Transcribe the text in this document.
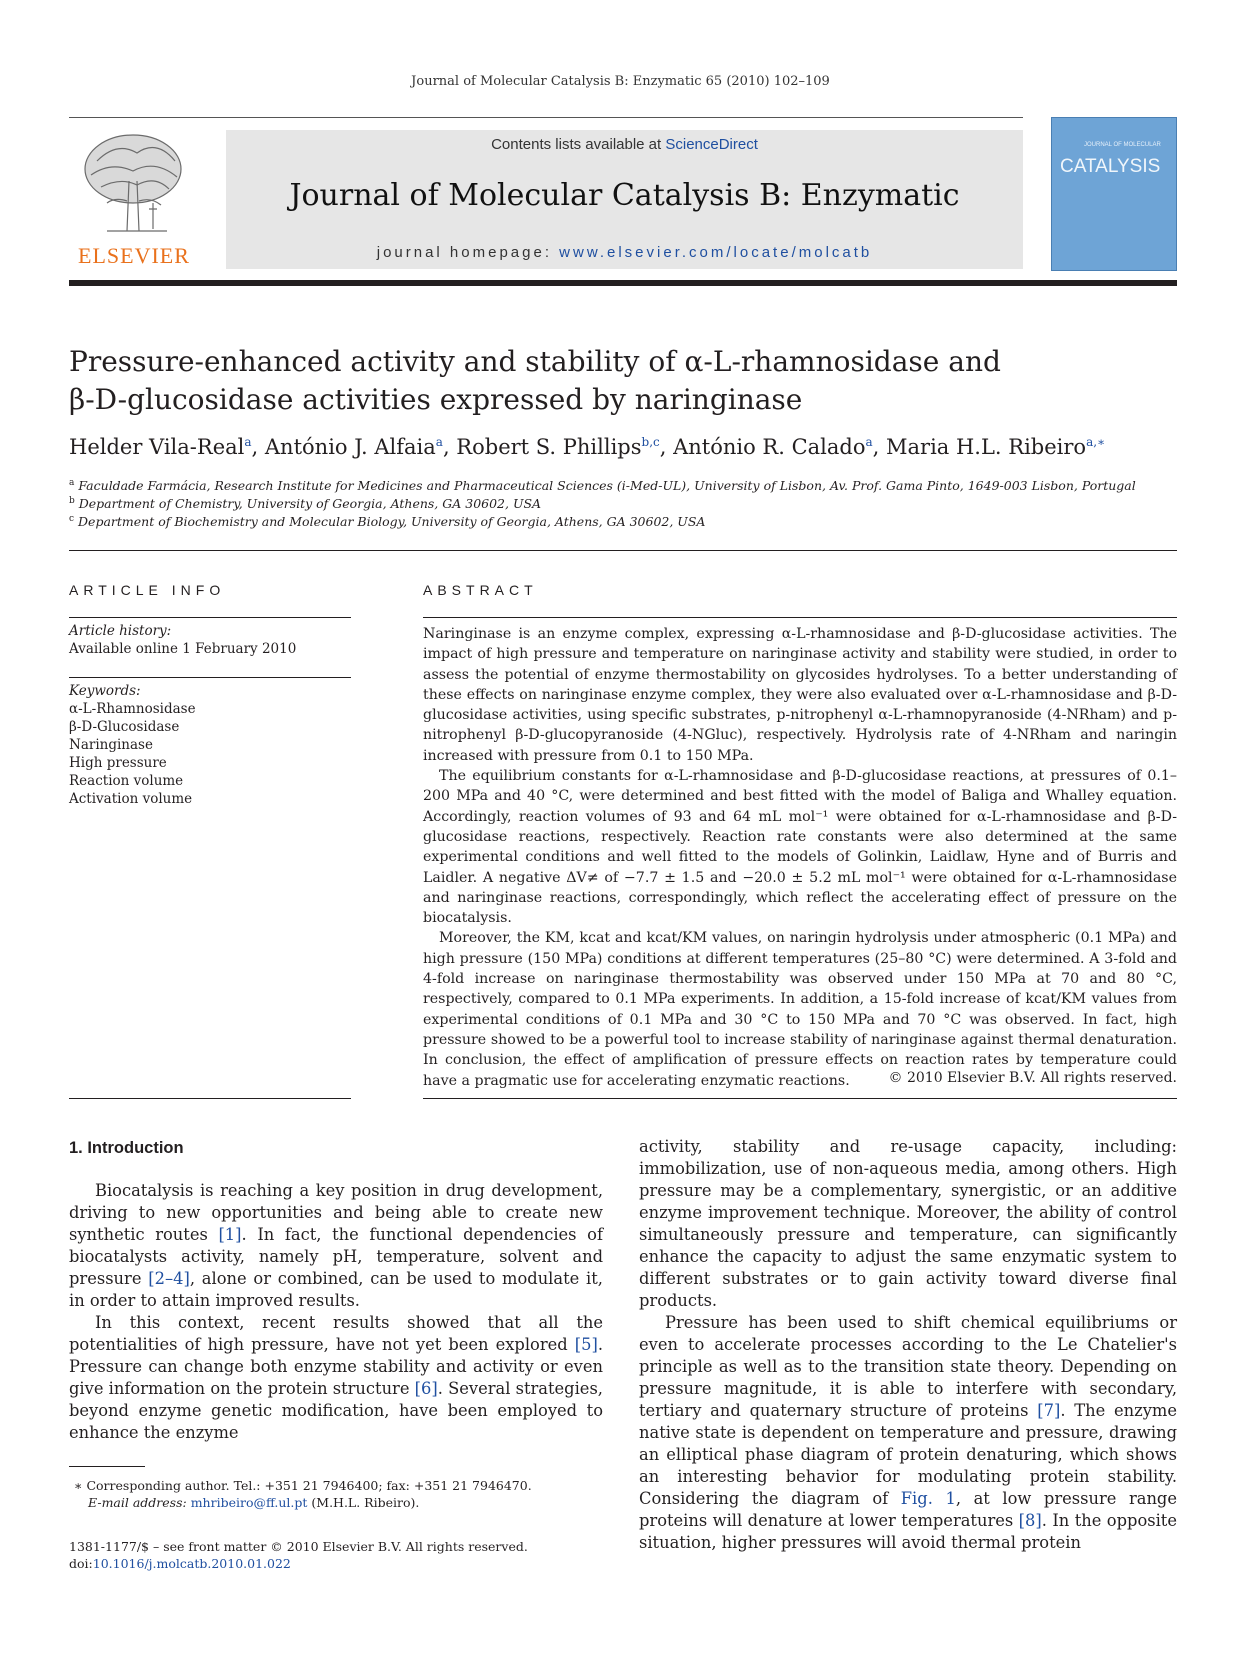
Journal of Molecular Catalysis B: Enzymatic 65 (2010) 102–109
ELSEVIER
Contents lists available at ScienceDirect
Journal of Molecular Catalysis B: Enzymatic
journal homepage: www.elsevier.com/locate/molcatb
JOURNAL OF MOLECULAR
CATALYSIS
Pressure-enhanced activity and stability of α-L-rhamnosidase and
β-D-glucosidase activities expressed by naringinase
Helder Vila-Real$^a$, António J. Alfaia$^a$, Robert S. Phillips$^{b,c}$, António R. Calado$^a$, Maria H.L. Ribeiro$^{a,∗}$
$^a$ Faculdade Farmácia, Research Institute for Medicines and Pharmaceutical Sciences (i-Med-UL), University of Lisbon, Av. Prof. Gama Pinto, 1649-003 Lisbon, Portugal
$^b$ Department of Chemistry, University of Georgia, Athens, GA 30602, USA
$^c$ Department of Biochemistry and Molecular Biology, University of Georgia, Athens, GA 30602, USA
ARTICLE INFO
Article history:
Available online 1 February 2010
Keywords:
α-L-Rhamnosidase
β-D-Glucosidase
Naringinase
High pressure
Reaction volume
Activation volume
ABSTRACT

Naringinase is an enzyme complex, expressing α-L-rhamnosidase and β-D-glucosidase activities. The impact of high pressure and temperature on naringinase activity and stability were studied, in order to assess the potential of enzyme thermostability on glycosides hydrolyses. To a better understanding of these effects on naringinase enzyme complex, they were also evaluated over α-L-rhamnosidase and β-D-glucosidase activities, using specific substrates, p-nitrophenyl α-L-rhamnopyranoside (4-NRham) and p-nitrophenyl β-D-glucopyranoside (4-NGluc), respectively. Hydrolysis rate of 4-NRham and naringin increased with pressure from 0.1 to 150 MPa.

The equilibrium constants for α-L-rhamnosidase and β-D-glucosidase reactions, at pressures of 0.1–200 MPa and 40 °C, were determined and best fitted with the model of Baliga and Whalley equation. Accordingly, reaction volumes of 93 and 64 mL mol⁻¹ were obtained for α-L-rhamnosidase and β-D-glucosidase reactions, respectively. Reaction rate constants were also determined at the same experimental conditions and well fitted to the models of Golinkin, Laidlaw, Hyne and of Burris and Laidler. A negative ΔV≠ of −7.7 ± 1.5 and −20.0 ± 5.2 mL mol⁻¹ were obtained for α-L-rhamnosidase and naringinase reactions, correspondingly, which reflect the accelerating effect of pressure on the biocatalysis.

Moreover, the KM, kcat and kcat/KM values, on naringin hydrolysis under atmospheric (0.1 MPa) and high pressure (150 MPa) conditions at different temperatures (25–80 °C) were determined. A 3-fold and 4-fold increase on naringinase thermostability was observed under 150 MPa at 70 and 80 °C, respectively, compared to 0.1 MPa experiments. In addition, a 15-fold increase of kcat/KM values from experimental conditions of 0.1 MPa and 30 °C to 150 MPa and 70 °C was observed. In fact, high pressure showed to be a powerful tool to increase stability of naringinase against thermal denaturation. In conclusion, the effect of amplification of pressure effects on reaction rates by temperature could have a pragmatic use for accelerating enzymatic reactions.	© 2010 Elsevier B.V. All rights reserved.
1. Introduction

Biocatalysis is reaching a key position in drug development, driving to new opportunities and being able to create new synthetic routes [1]. In fact, the functional dependencies of biocatalysts activity, namely pH, temperature, solvent and pressure [2–4], alone or combined, can be used to modulate it, in order to attain improved results.

In this context, recent results showed that all the potentialities of high pressure, have not yet been explored [5]. Pressure can change both enzyme stability and activity or even give information on the protein structure [6]. Several strategies, beyond enzyme genetic modification, have been employed to enhance the enzyme

activity, stability and re-usage capacity, including: immobilization, use of non-aqueous media, among others. High pressure may be a complementary, synergistic, or an additive enzyme improvement technique. Moreover, the ability of control simultaneously pressure and temperature, can significantly enhance the capacity to adjust the same enzymatic system to different substrates or to gain activity toward diverse final products.

Pressure has been used to shift chemical equilibriums or even to accelerate processes according to the Le Chatelier's principle as well as to the transition state theory. Depending on pressure magnitude, it is able to interfere with secondary, tertiary and quaternary structure of proteins [7]. The enzyme native state is dependent on temperature and pressure, drawing an elliptical phase diagram of protein denaturing, which shows an interesting behavior for modulating protein stability. Considering the diagram of Fig. 1, at low pressure range proteins will denature at lower temperatures [8]. In the opposite situation, higher pressures will avoid thermal protein

∗ Corresponding author. Tel.: +351 21 7946400; fax: +351 21 7946470.
E-mail address: mhribeiro@ff.ul.pt (M.H.L. Ribeiro).
1381-1177/$ – see front matter © 2010 Elsevier B.V. All rights reserved.
doi:10.1016/j.molcatb.2010.01.022
